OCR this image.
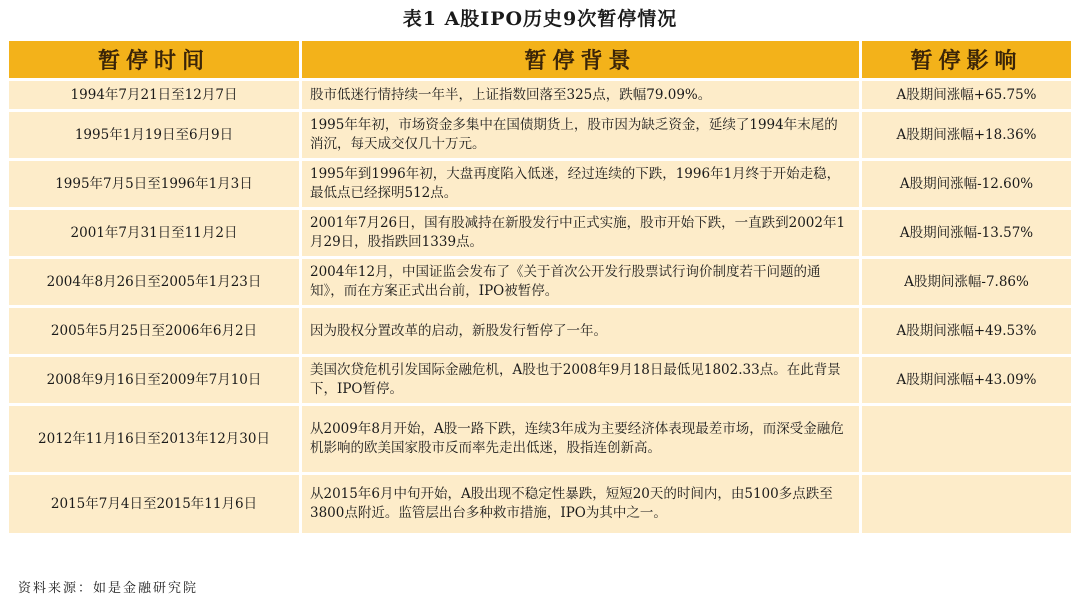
表1 A股IPO历史9次暂停情况
暂停时间	暂停背景	暂停影响
1994年7月21日至12月7日	股市低迷行情持续一年半，上证指数回落至325点，跌幅79.09%。	A股期间涨幅+65.75%
1995年1月19日至6月9日	1995年年初，市场资金多集中在国债期货上，股市因为缺乏资金，延续了1994年末尾的消沉，每天成交仅几十万元。	A股期间涨幅+18.36%
1995年7月5日至1996年1月3日	1995年到1996年初，大盘再度陷入低迷，经过连续的下跌，1996年1月终于开始走稳，最低点已经探明512点。	A股期间涨幅-12.60%
2001年7月31日至11月2日	2001年7月26日，国有股减持在新股发行中正式实施，股市开始下跌，一直跌到2002年1月29日，股指跌回1339点。	A股期间涨幅-13.57%
2004年8月26日至2005年1月23日	2004年12月，中国证监会发布了《关于首次公开发行股票试行询价制度若干问题的通知》，而在方案正式出台前，IPO被暂停。	A股期间涨幅-7.86%
2005年5月25日至2006年6月2日	因为股权分置改革的启动，新股发行暂停了一年。	A股期间涨幅+49.53%
2008年9月16日至2009年7月10日	美国次贷危机引发国际金融危机，A股也于2008年9月18日最低见1802.33点。在此背景下，IPO暂停。	A股期间涨幅+43.09%
2012年11月16日至2013年12月30日	从2009年8月开始，A股一路下跌，连续3年成为主要经济体表现最差市场，而深受金融危机影响的欧美国家股市反而率先走出低迷，股指连创新高。	
2015年7月4日至2015年11月6日	从2015年6月中旬开始，A股出现不稳定性暴跌，短短20天的时间内，由5100多点跌至3800点附近。监管层出台多种救市措施，IPO为其中之一。	
资料来源：如是金融研究院
